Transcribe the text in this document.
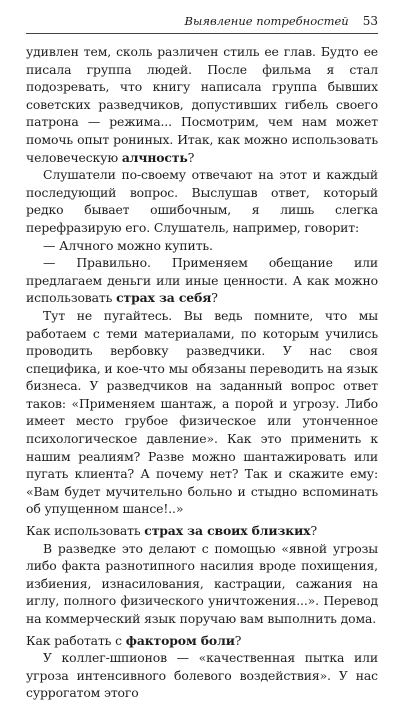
Выявление потребностей 53

удивлен тем, сколь различен стиль ее глав. Будто ее писала группа людей. После фильма я стал подозревать, что книгу написала группа бывших советских разведчиков, допустивших гибель своего патрона — режима... Посмотрим, чем нам может помочь опыт рониных. Итак, как можно использовать человеческую алчность?

Слушатели по-своему отвечают на этот и каждый последующий вопрос. Выслушав ответ, который редко бывает ошибочным, я лишь слегка перефразирую его. Слушатель, например, говорит:

— Алчного можно купить.

— Правильно. Применяем обещание или предлагаем деньги или иные ценности. А как можно использовать страх за себя?

Тут не пугайтесь. Вы ведь помните, что мы работаем с теми материалами, по которым учились проводить вербовку разведчики. У нас своя специфика, и кое-что мы обязаны переводить на язык бизнеса. У разведчиков на заданный вопрос ответ таков: «Применяем шантаж, а порой и угрозу. Либо имеет место грубое физическое или утонченное психологическое давление». Как это применить к нашим реалиям? Разве можно шантажировать или пугать клиента? А почему нет? Так и скажите ему: «Вам будет мучительно больно и стыдно вспоминать об упущенном шансе!..»

Как использовать страх за своих близких?

В разведке это делают с помощью «явной угрозы либо факта разнотипного насилия вроде похищения, избиения, изнасилования, кастрации, сажания на иглу, полного физического уничтожения...». Перевод на коммерческий язык поручаю вам выполнить дома.

Как работать с фактором боли?

У коллег-шпионов — «качественная пытка или угроза интенсивного болевого воздействия». У нас суррогатом этого
